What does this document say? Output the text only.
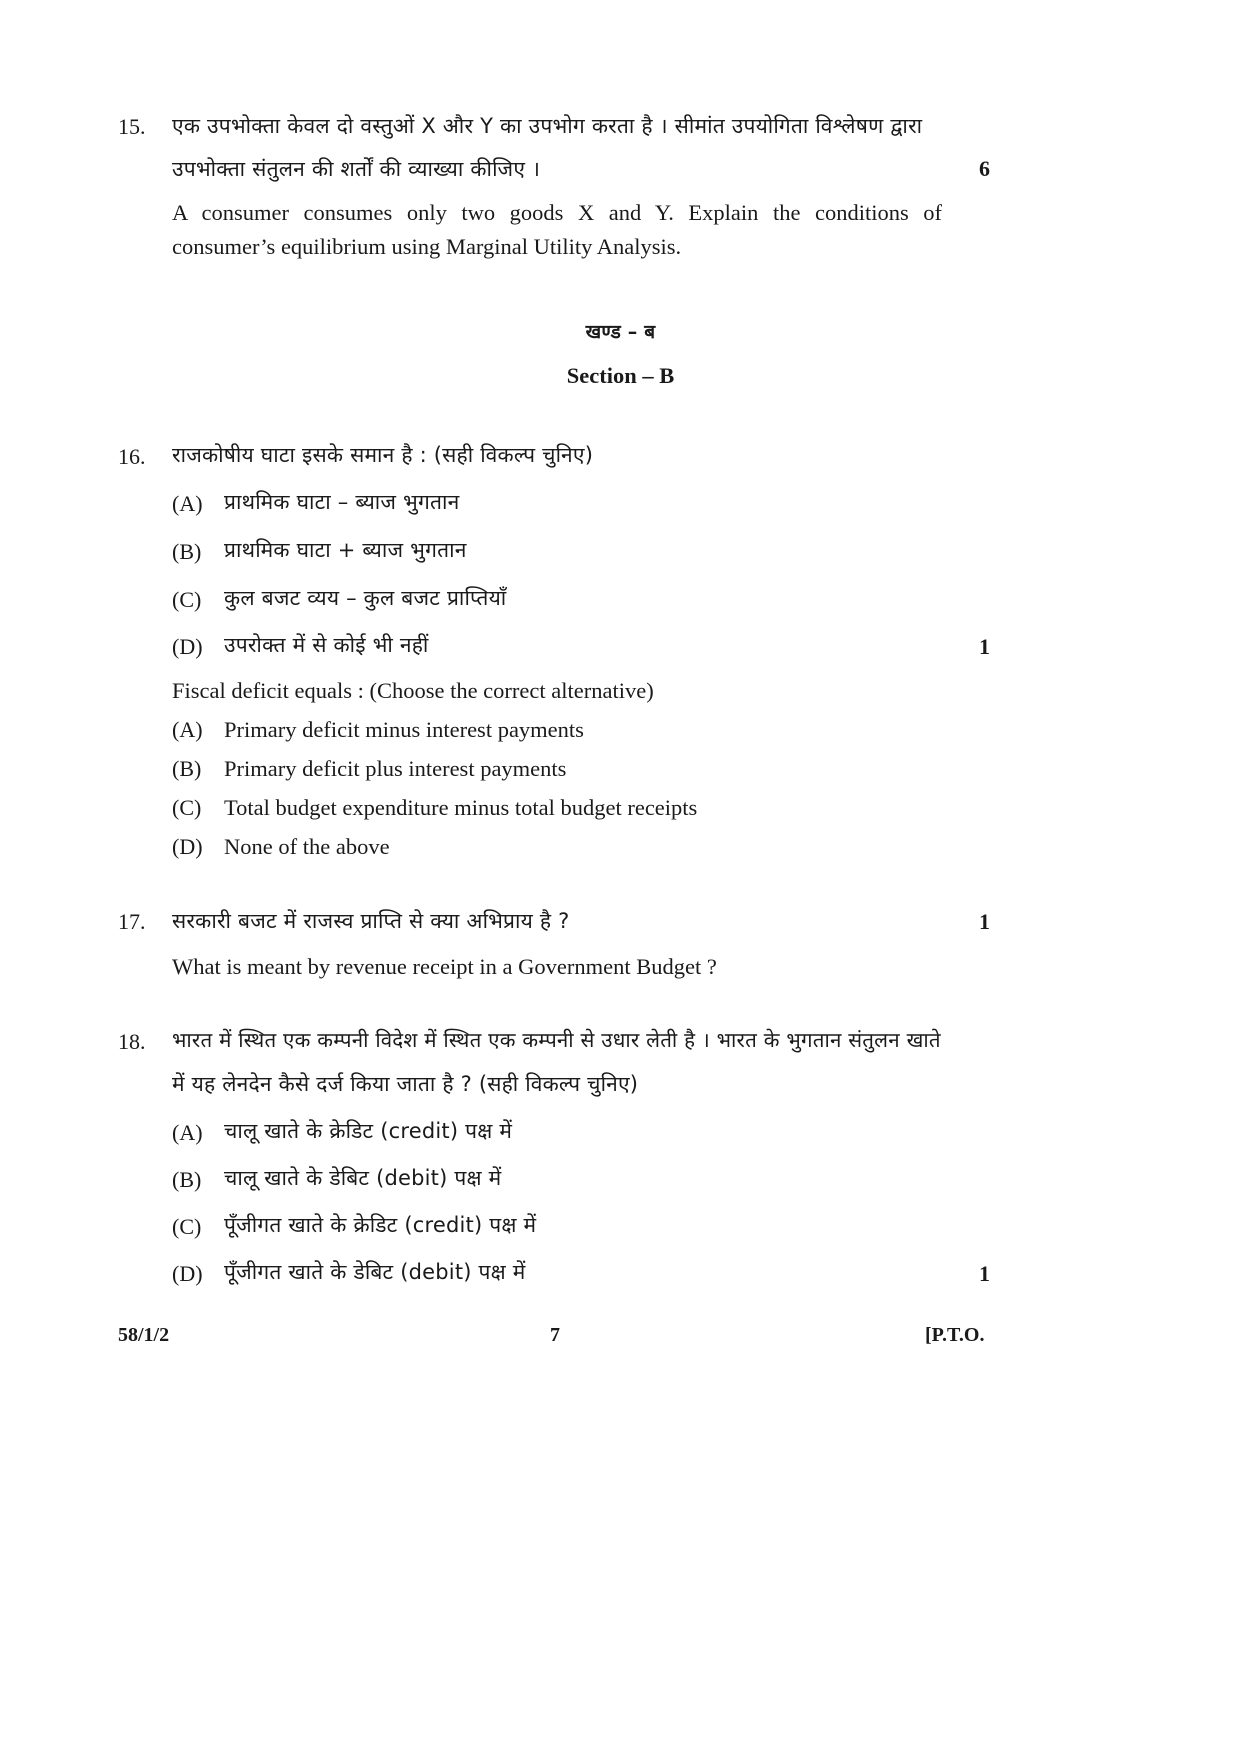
15. एक उपभोक्ता केवल दो वस्तुओं X और Y का उपभोग करता है । सीमांत उपयोगिता विश्लेषण द्वारा
उपभोक्ता संतुलन की शर्तों की व्याख्या कीजिए ।	6
A consumer consumes only two goods X and Y. Explain the conditions of
consumer’s equilibrium using Marginal Utility Analysis.
खण्ड – ब
Section – B
16. राजकोषीय घाटा इसके समान है : (सही विकल्प चुनिए)
(A) प्राथमिक घाटा – ब्याज भुगतान
(B) प्राथमिक घाटा + ब्याज भुगतान
(C) कुल बजट व्यय – कुल बजट प्राप्तियाँ
(D) उपरोक्त में से कोई भी नहीं	1
Fiscal deficit equals : (Choose the correct alternative)
(A) Primary deficit minus interest payments
(B) Primary deficit plus interest payments
(C) Total budget expenditure minus total budget receipts
(D) None of the above
17. सरकारी बजट में राजस्व प्राप्ति से क्या अभिप्राय है ?	1
What is meant by revenue receipt in a Government Budget ?
18. भारत में स्थित एक कम्पनी विदेश में स्थित एक कम्पनी से उधार लेती है । भारत के भुगतान संतुलन खाते
में यह लेनदेन कैसे दर्ज किया जाता है ? (सही विकल्प चुनिए)
(A) चालू खाते के क्रेडिट (credit) पक्ष में
(B) चालू खाते के डेबिट (debit) पक्ष में
(C) पूँजीगत खाते के क्रेडिट (credit) पक्ष में
(D) पूँजीगत खाते के डेबिट (debit) पक्ष में	1
58/1/2	7	[P.T.O.
